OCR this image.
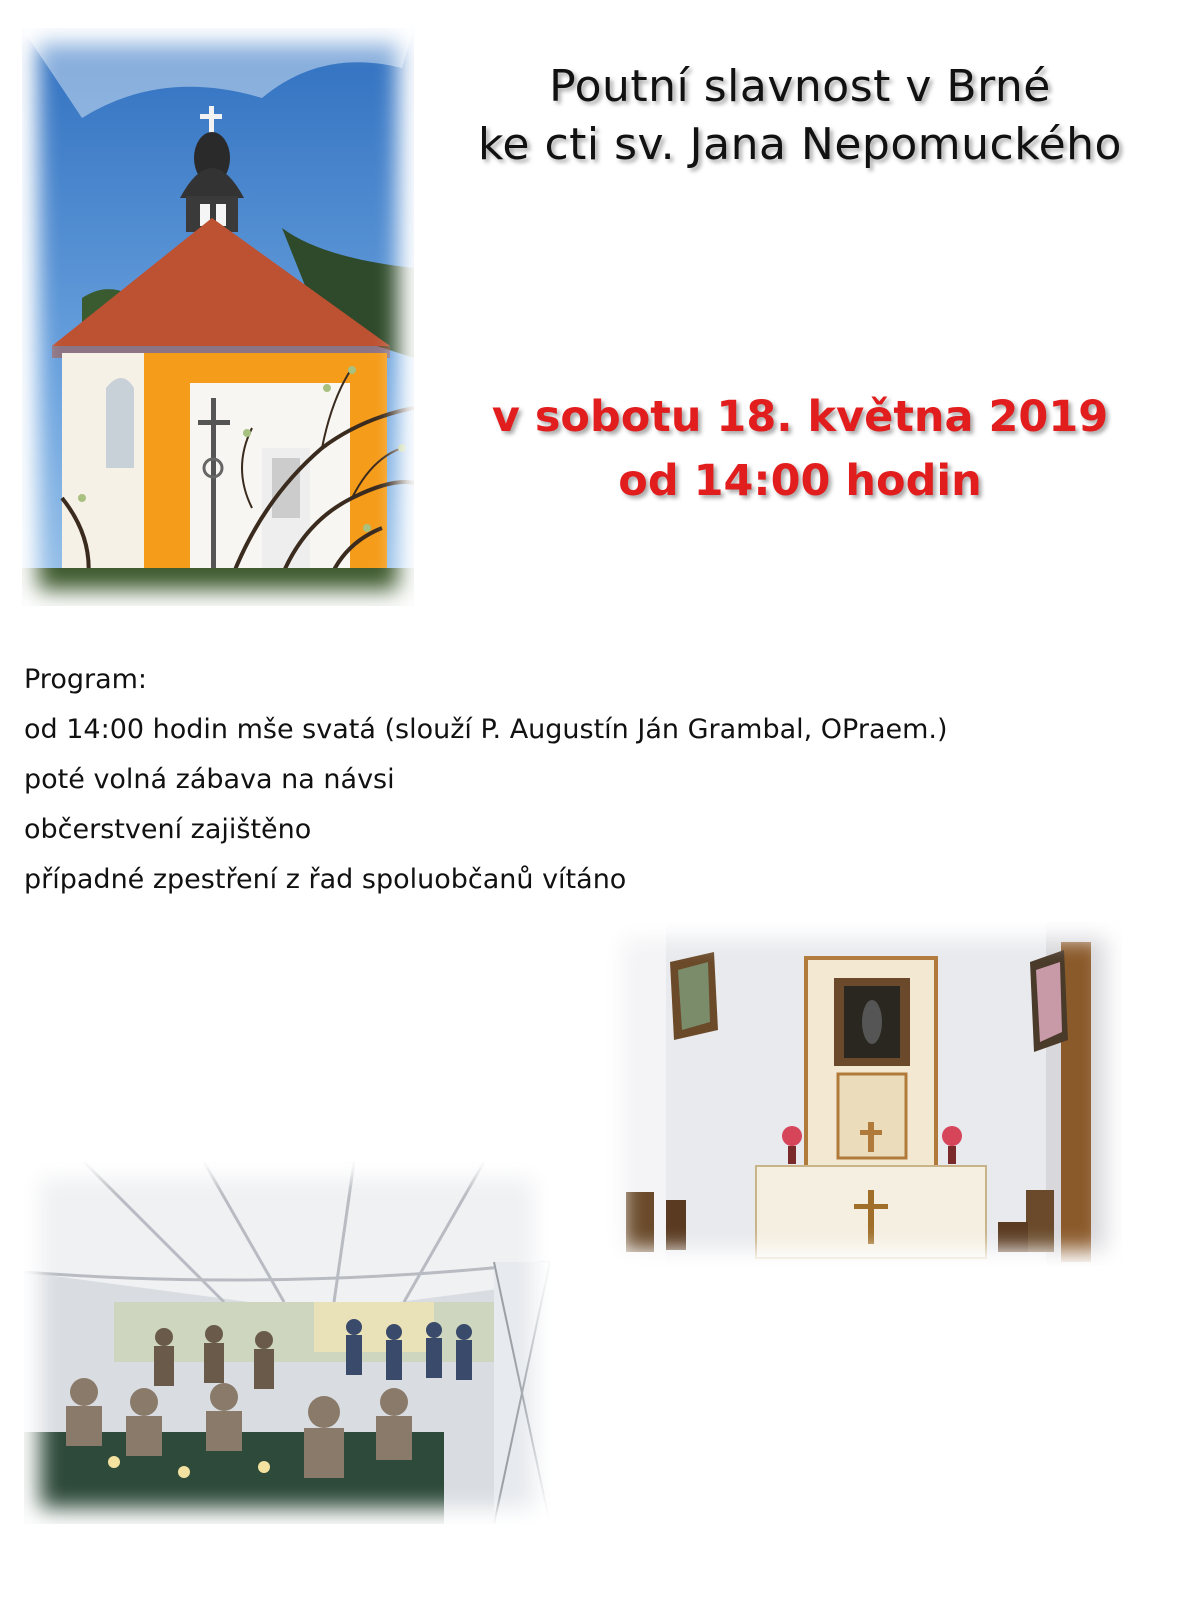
Poutní slavnost v Brné
ke cti sv. Jana Nepomuckého
v sobotu 18. května 2019
od 14:00 hodin
Program:
od 14:00 hodin mše svatá (slouží P. Augustín Ján Grambal, OPraem.)
poté volná zábava na návsi
občerstvení zajištěno
případné zpestření z řad spoluobčanů vítáno
